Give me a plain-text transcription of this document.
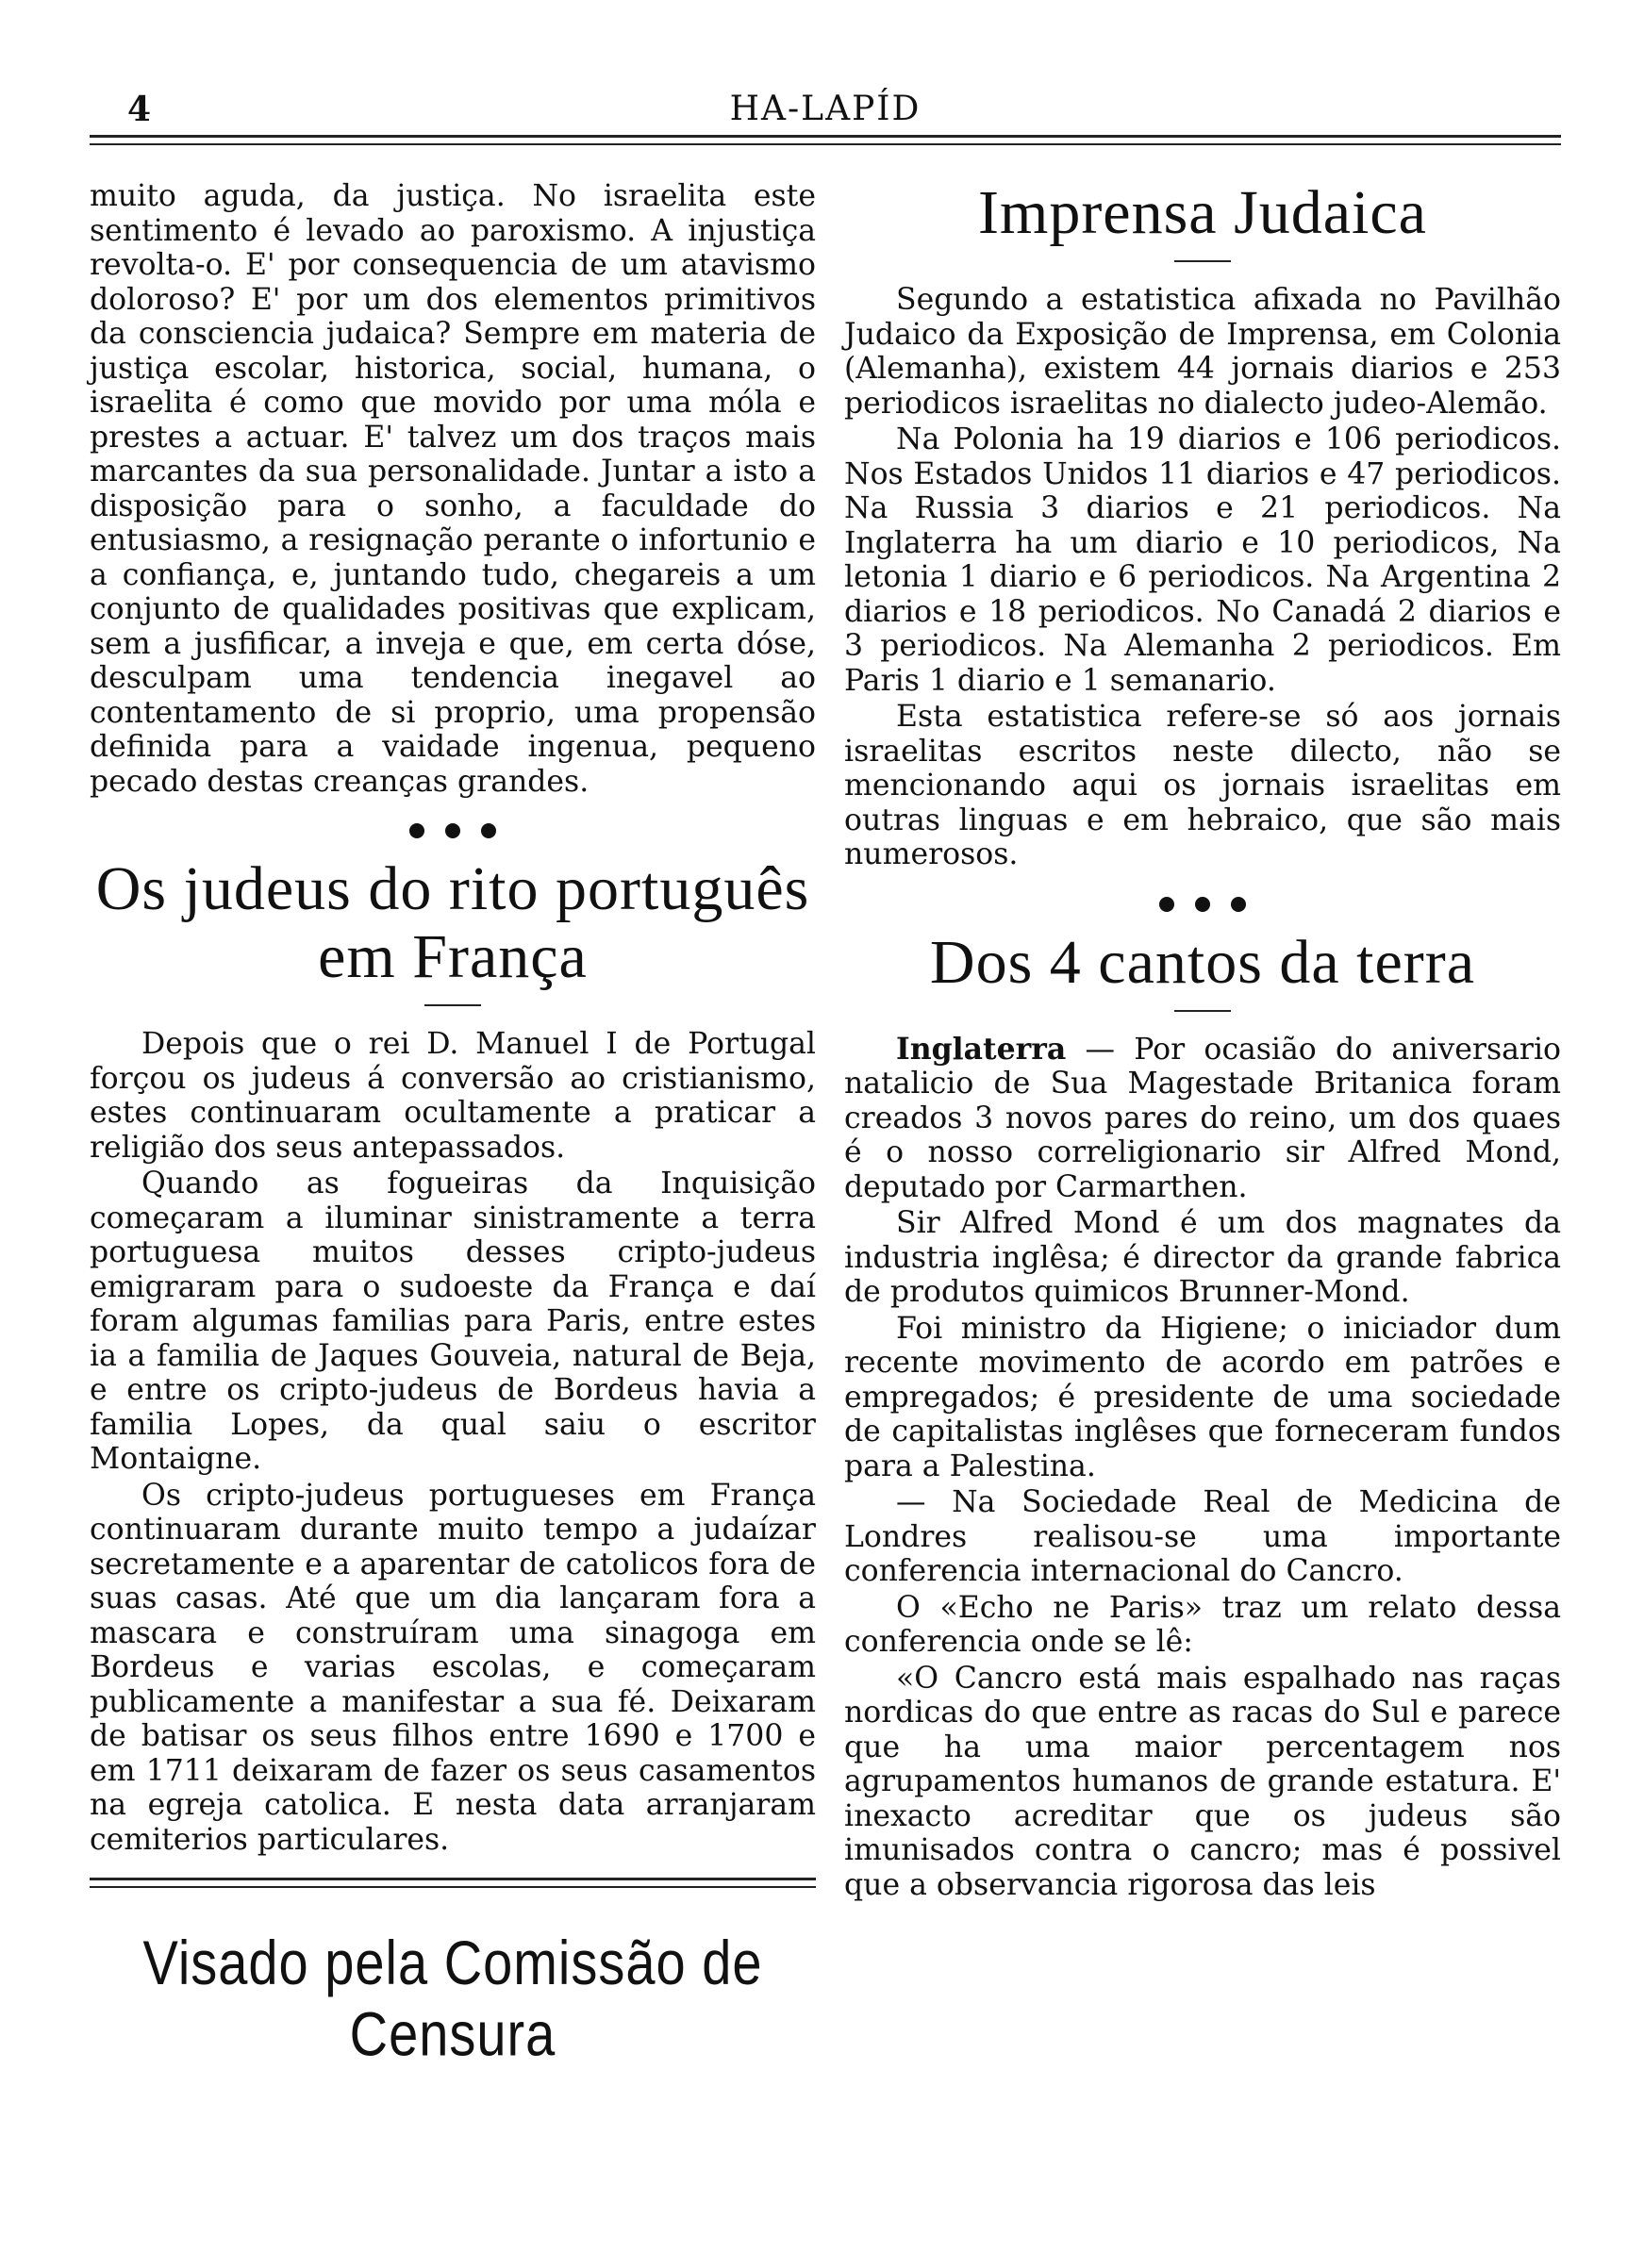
4	HA-LAPÍD

muito aguda, da justiça. No israelita este sentimento é levado ao paroxismo. A injustiça revolta-o. E' por consequencia de um atavismo doloroso? E' por um dos elementos primitivos da consciencia judaica? Sempre em materia de justiça escolar, historica, social, humana, o israelita é como que movido por uma móla e prestes a actuar. E' talvez um dos traços mais marcantes da sua personalidade. Juntar a isto a disposição para o sonho, a faculdade do entusiasmo, a resignação perante o infortunio e a confiança, e, juntando tudo, chegareis a um conjunto de qualidades positivas que explicam, sem a jusfificar, a inveja e que, em certa dóse, desculpam uma tendencia inegavel ao contentamento de si proprio, uma propensão definida para a vaidade ingenua, pequeno pecado destas creanças grandes.

Os judeus do rito português em França

Depois que o rei D. Manuel I de Portugal forçou os judeus á conversão ao cristianismo, estes continuaram ocultamente a praticar a religião dos seus antepassados.

Quando as fogueiras da Inquisição começaram a iluminar sinistramente a terra portuguesa muitos desses cripto-judeus emigraram para o sudoeste da França e daí foram algumas familias para Paris, entre estes ia a familia de Jaques Gouveia, natural de Beja, e entre os cripto-judeus de Bordeus havia a familia Lopes, da qual saiu o escritor Montaigne.

Os cripto-judeus portugueses em França continuaram durante muito tempo a judaízar secretamente e a aparentar de catolicos fora de suas casas. Até que um dia lançaram fora a mascara e construíram uma sinagoga em Bordeus e varias escolas, e começaram publicamente a manifestar a sua fé. Deixaram de batisar os seus filhos entre 1690 e 1700 e em 1711 deixaram de fazer os seus casamentos na egreja catolica. E nesta data arranjaram cemiterios particulares.

Visado pela Comissão de Censura
Imprensa Judaica

Segundo a estatistica afixada no Pavilhão Judaico da Exposição de Imprensa, em Colonia (Alemanha), existem 44 jornais diarios e 253 periodicos israelitas no dialecto judeo-Alemão.

Na Polonia ha 19 diarios e 106 periodicos. Nos Estados Unidos 11 diarios e 47 periodicos. Na Russia 3 diarios e 21 periodicos. Na Inglaterra ha um diario e 10 periodicos, Na letonia 1 diario e 6 periodicos. Na Argentina 2 diarios e 18 periodicos. No Canadá 2 diarios e 3 periodicos. Na Alemanha 2 periodicos. Em Paris 1 diario e 1 semanario.

Esta estatistica refere-se só aos jornais israelitas escritos neste dilecto, não se mencionando aqui os jornais israelitas em outras linguas e em hebraico, que são mais numerosos.

Dos 4 cantos da terra

Inglaterra — Por ocasião do aniversario natalicio de Sua Magestade Britanica foram creados 3 novos pares do reino, um dos quaes é o nosso correligionario sir Alfred Mond, deputado por Carmarthen.

Sir Alfred Mond é um dos magnates da industria inglêsa; é director da grande fabrica de produtos quimicos Brunner-Mond.

Foi ministro da Higiene; o iniciador dum recente movimento de acordo em patrões e empregados; é presidente de uma sociedade de capitalistas inglêses que forneceram fundos para a Palestina.

— Na Sociedade Real de Medicina de Londres realisou-se uma importante conferencia internacional do Cancro.

O «Echo ne Paris» traz um relato dessa conferencia onde se lê:

«O Cancro está mais espalhado nas raças nordicas do que entre as racas do Sul e parece que ha uma maior percentagem nos agrupamentos humanos de grande estatura. E' inexacto acreditar que os judeus são imunisados contra o cancro; mas é possivel que a observancia rigorosa das leis
